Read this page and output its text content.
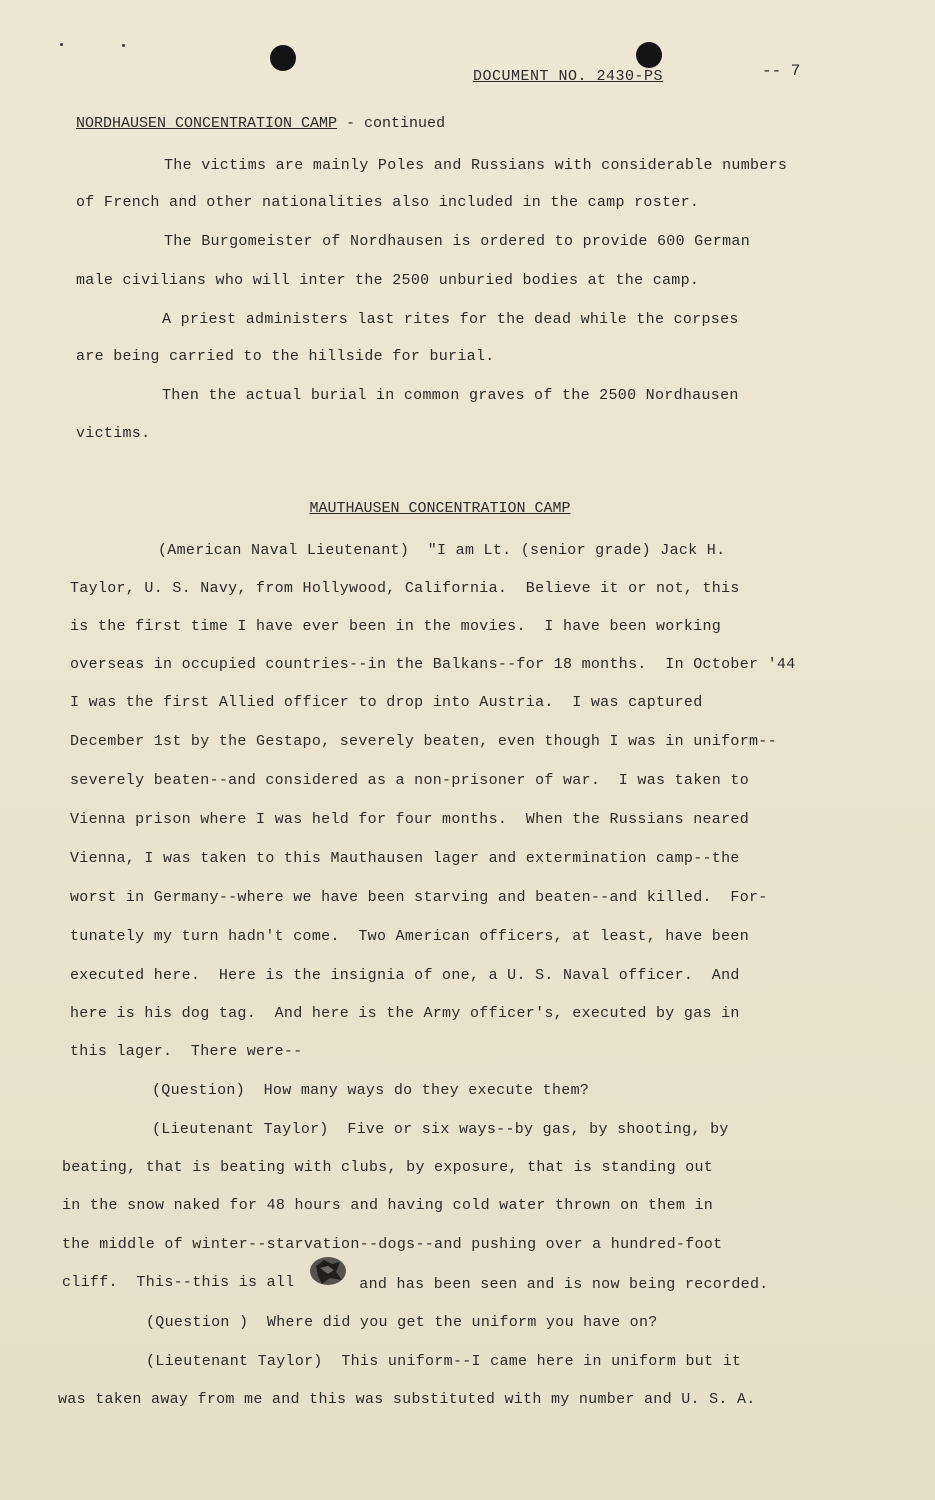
DOCUMENT NO. 2430-PS	-- 7
NORDHAUSEN CONCENTRATION CAMP - continued
The victims are mainly Poles and Russians with considerable numbers
of French and other nationalities also included in the camp roster.
The Burgomeister of Nordhausen is ordered to provide 600 German
male civilians who will inter the 2500 unburied bodies at the camp.
A priest administers last rites for the dead while the corpses
are being carried to the hillside for burial.
Then the actual burial in common graves of the 2500 Nordhausen
victims.
MAUTHAUSEN CONCENTRATION CAMP
(American Naval Lieutenant)  "I am Lt. (senior grade) Jack H.
Taylor, U. S. Navy, from Hollywood, California.  Believe it or not, this
is the first time I have ever been in the movies.  I have been working
overseas in occupied countries--in the Balkans--for 18 months.  In October '44
I was the first Allied officer to drop into Austria.  I was captured
December 1st by the Gestapo, severely beaten, even though I was in uniform--
severely beaten--and considered as a non-prisoner of war.  I was taken to
Vienna prison where I was held for four months.  When the Russians neared
Vienna, I was taken to this Mauthausen lager and extermination camp--the
worst in Germany--where we have been starving and beaten--and killed.  For-
tunately my turn hadn't come.  Two American officers, at least, have been
executed here.  Here is the insignia of one, a U. S. Naval officer.  And
here is his dog tag.  And here is the Army officer's, executed by gas in
this lager.  There were--
(Question)  How many ways do they execute them?
(Lieutenant Taylor)  Five or six ways--by gas, by shooting, by
beating, that is beating with clubs, by exposure, that is standing out
in the snow naked for 48 hours and having cold water thrown on them in
the middle of winter--starvation--dogs--and pushing over a hundred-foot
cliff.  This--this is all	and has been seen and is now being recorded.
(Question )  Where did you get the uniform you have on?
(Lieutenant Taylor)  This uniform--I came here in uniform but it
was taken away from me and this was substituted with my number and U. S. A.
